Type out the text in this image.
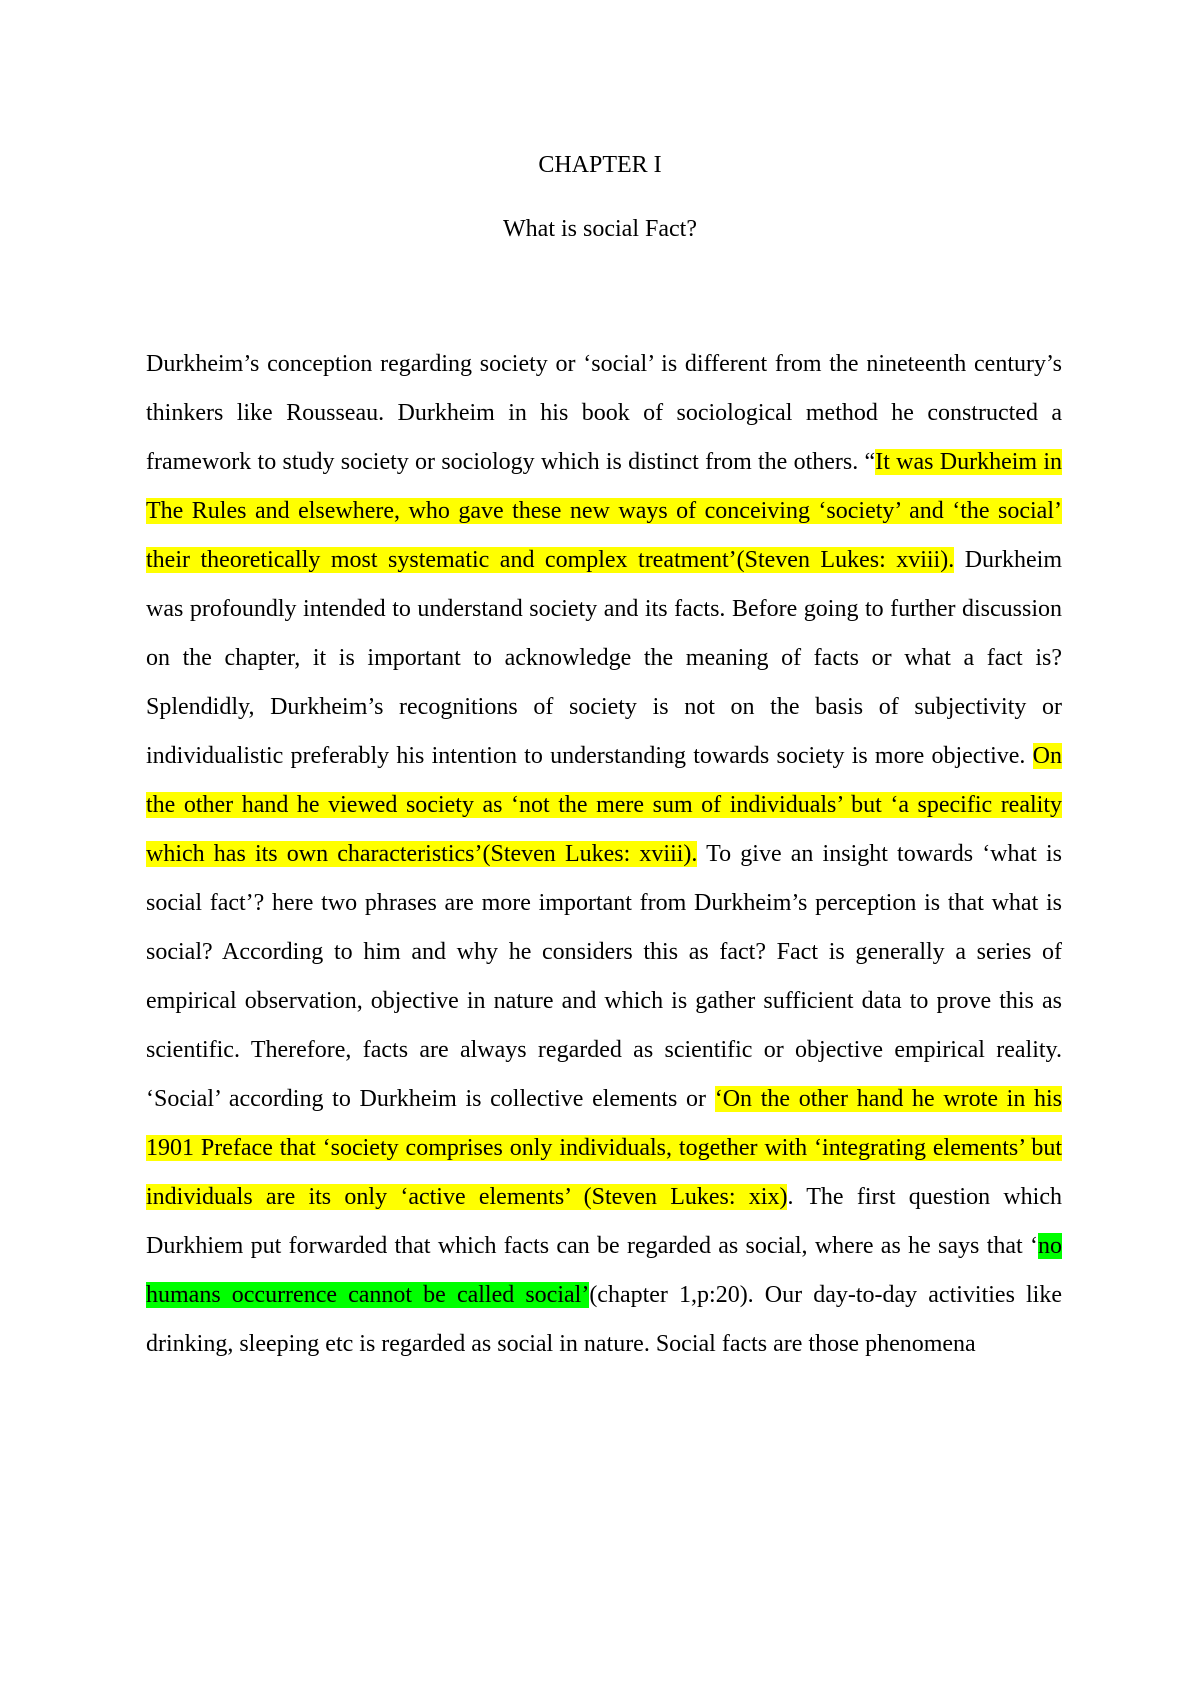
CHAPTER I
What is social Fact?

Durkheim’s conception regarding society or ‘social’ is different from the nineteenth century’s thinkers like Rousseau. Durkheim in his book of sociological method he constructed a framework to study society or sociology which is distinct from the others. “It was Durkheim in The Rules and elsewhere, who gave these new ways of conceiving ‘society’ and ‘the social’ their theoretically most systematic and complex treatment’(Steven Lukes: xviii). Durkheim was profoundly intended to understand society and its facts. Before going to further discussion on the chapter, it is important to acknowledge the meaning of facts or what a fact is? Splendidly, Durkheim’s recognitions of society is not on the basis of subjectivity or individualistic preferably his intention to understanding towards society is more objective. On the other hand he viewed society as ‘not the mere sum of individuals’ but ‘a specific reality which has its own characteristics’(Steven Lukes: xviii). To give an insight towards ‘what is social fact’? here two phrases are more important from Durkheim’s perception is that what is social? According to him and why he considers this as fact? Fact is generally a series of empirical observation, objective in nature and which is gather sufficient data to prove this as scientific. Therefore, facts are always regarded as scientific or objective empirical reality. ‘Social’ according to Durkheim is collective elements or ‘On the other hand he wrote in his 1901 Preface that ‘society comprises only individuals, together with ‘integrating elements’ but individuals are its only ‘active elements’ (Steven Lukes: xix). The first question which Durkhiem put forwarded that which facts can be regarded as social, where as he says that ‘no humans occurrence cannot be called social’(chapter 1,p:20). Our day-to-day activities like drinking, sleeping etc is regarded as social in nature. Social facts are those phenomena
